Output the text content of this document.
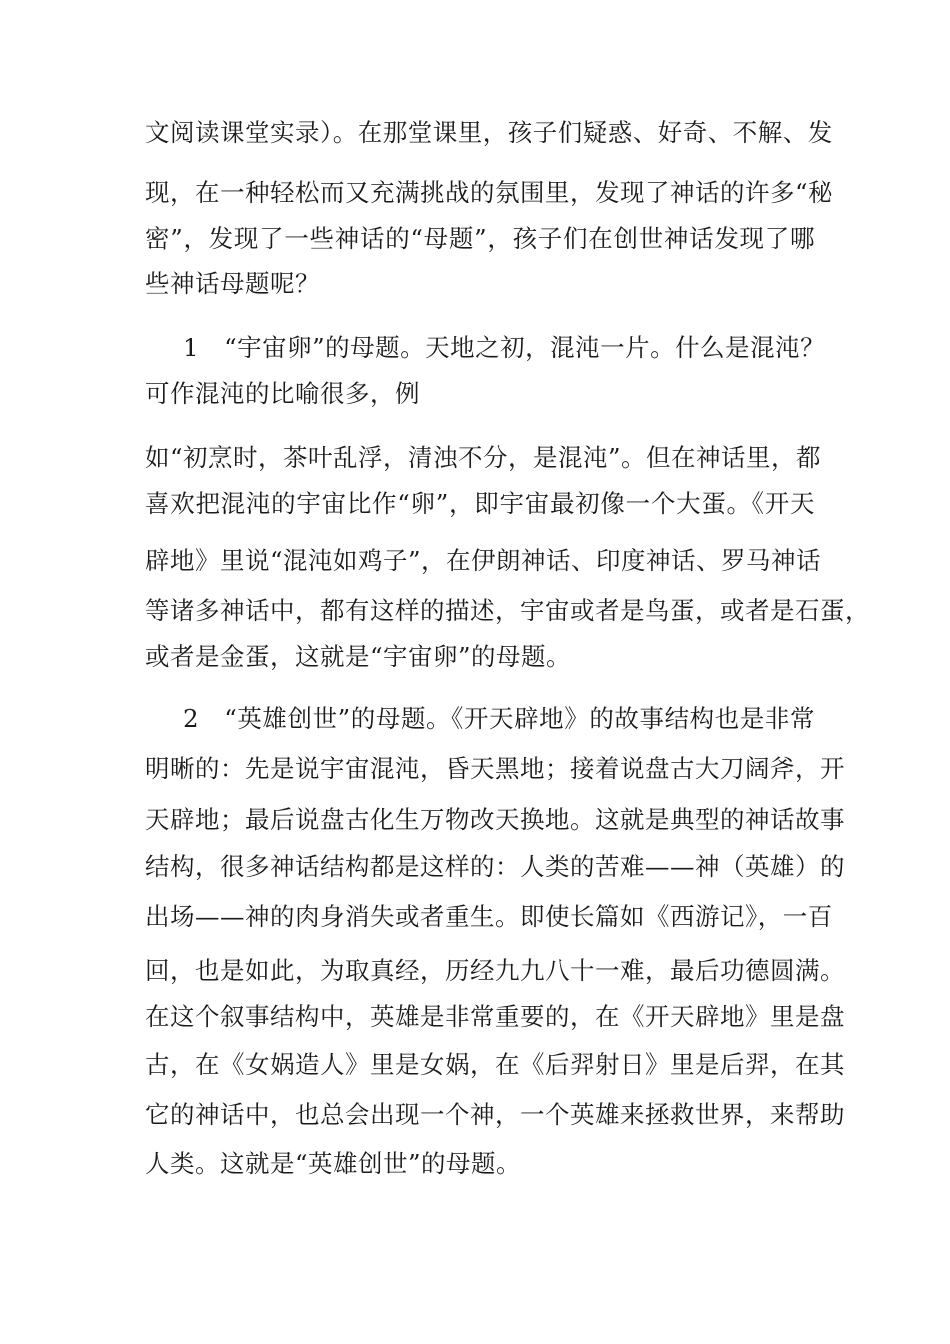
文阅读课堂实录）。在那堂课里，孩子们疑惑、好奇、不解、发
现，在一种轻松而又充满挑战的氛围里，发现了神话的许多“秘
密”，发现了一些神话的“母题”，孩子们在创世神话发现了哪
些神话母题呢？
1　“宇宙卵”的母题。天地之初，混沌一片。什么是混沌？
可作混沌的比喻很多，例
如“初烹时，茶叶乱浮，清浊不分，是混沌”。但在神话里，都
喜欢把混沌的宇宙比作“卵”，即宇宙最初像一个大蛋。《开天
辟地》里说“混沌如鸡子”，在伊朗神话、印度神话、罗马神话
等诸多神话中，都有这样的描述，宇宙或者是鸟蛋，或者是石蛋，
或者是金蛋，这就是“宇宙卵”的母题。
2　“英雄创世”的母题。《开天辟地》的故事结构也是非常
明晰的：先是说宇宙混沌，昏天黑地；接着说盘古大刀阔斧，开
天辟地；最后说盘古化生万物改天换地。这就是典型的神话故事
结构，很多神话结构都是这样的：人类的苦难——神（英雄）的
出场——神的肉身消失或者重生。即使长篇如《西游记》，一百
回，也是如此，为取真经，历经九九八十一难，最后功德圆满。
在这个叙事结构中，英雄是非常重要的，在《开天辟地》里是盘
古，在《女娲造人》里是女娲，在《后羿射日》里是后羿，在其
它的神话中，也总会出现一个神，一个英雄来拯救世界，来帮助
人类。这就是“英雄创世”的母题。
